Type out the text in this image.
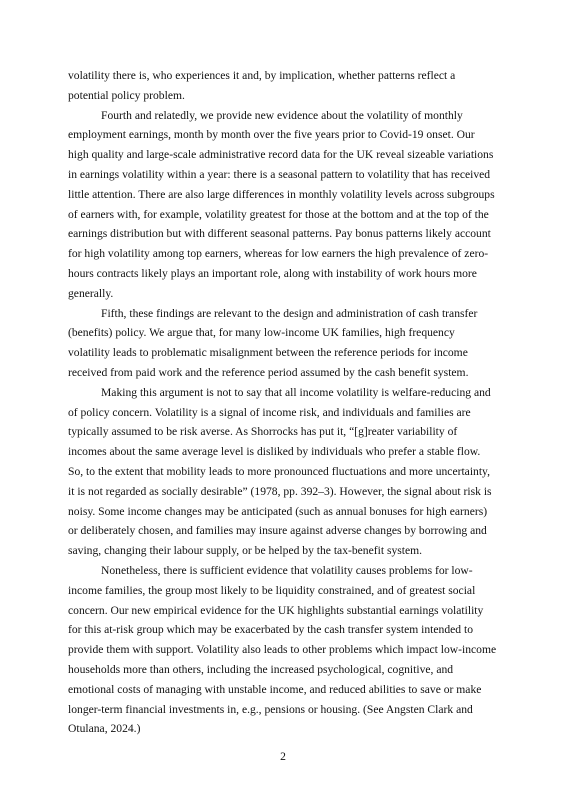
volatility there is, who experiences it and, by implication, whether patterns reflect a potential policy problem.

Fourth and relatedly, we provide new evidence about the volatility of monthly employment earnings, month by month over the five years prior to Covid-19 onset. Our high quality and large-scale administrative record data for the UK reveal sizeable variations in earnings volatility within a year: there is a seasonal pattern to volatility that has received little attention. There are also large differences in monthly volatility levels across subgroups of earners with, for example, volatility greatest for those at the bottom and at the top of the earnings distribution but with different seasonal patterns. Pay bonus patterns likely account for high volatility among top earners, whereas for low earners the high prevalence of zero-hours contracts likely plays an important role, along with instability of work hours more generally.

Fifth, these findings are relevant to the design and administration of cash transfer (benefits) policy. We argue that, for many low-income UK families, high frequency volatility leads to problematic misalignment between the reference periods for income received from paid work and the reference period assumed by the cash benefit system.

Making this argument is not to say that all income volatility is welfare-reducing and of policy concern. Volatility is a signal of income risk, and individuals and families are typically assumed to be risk averse. As Shorrocks has put it, “[g]reater variability of incomes about the same average level is disliked by individuals who prefer a stable flow. So, to the extent that mobility leads to more pronounced fluctuations and more uncertainty, it is not regarded as socially desirable” (1978, pp. 392–3). However, the signal about risk is noisy. Some income changes may be anticipated (such as annual bonuses for high earners) or deliberately chosen, and families may insure against adverse changes by borrowing and saving, changing their labour supply, or be helped by the tax-benefit system.

Nonetheless, there is sufficient evidence that volatility causes problems for low-income families, the group most likely to be liquidity constrained, and of greatest social concern. Our new empirical evidence for the UK highlights substantial earnings volatility for this at-risk group which may be exacerbated by the cash transfer system intended to provide them with support. Volatility also leads to other problems which impact low-income households more than others, including the increased psychological, cognitive, and emotional costs of managing with unstable income, and reduced abilities to save or make longer-term financial investments in, e.g., pensions or housing. (See Angsten Clark and Otulana, 2024.)

2
